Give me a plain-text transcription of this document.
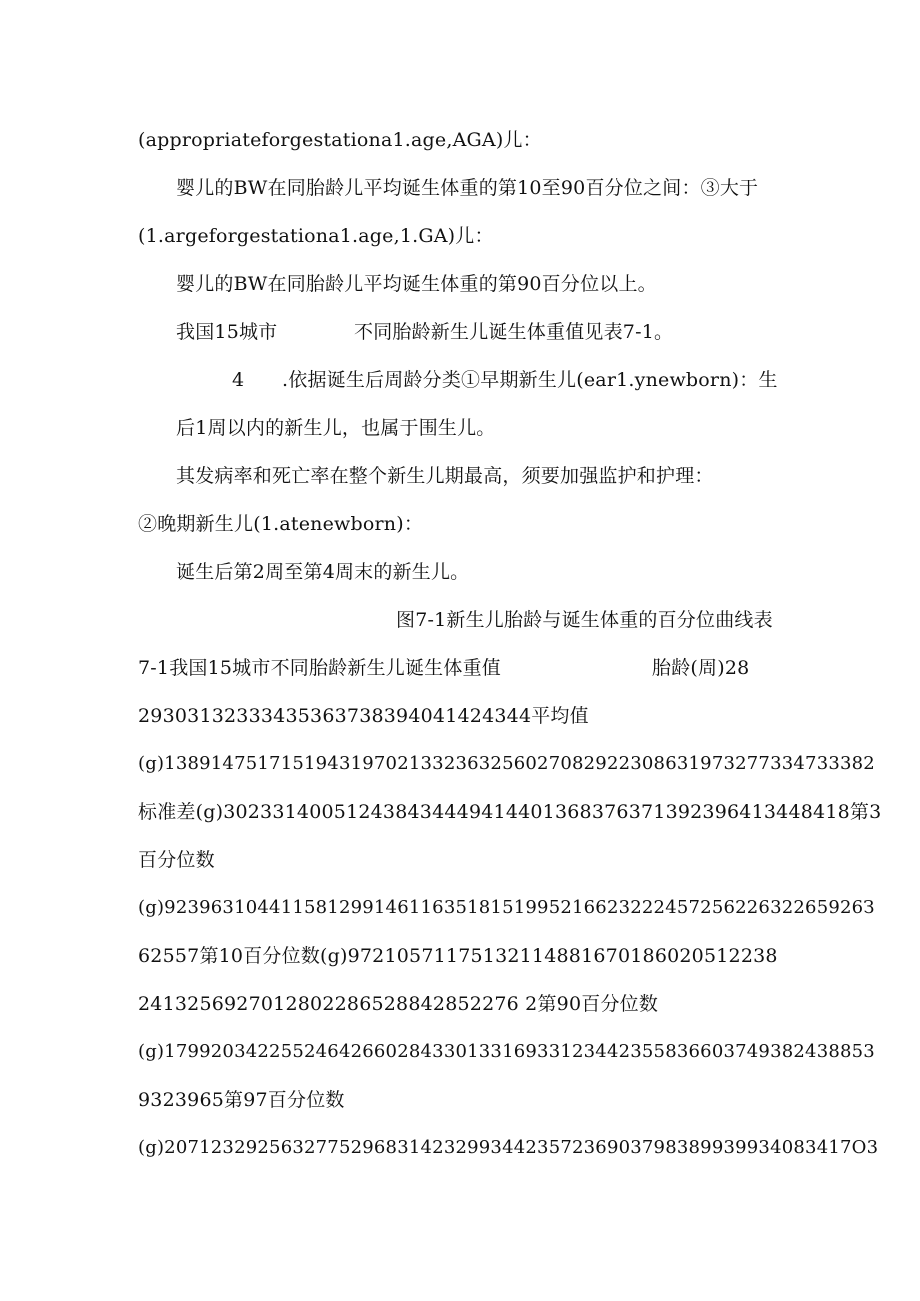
(appropriateforgestationa1.age,AGA)儿：
婴儿的BW在同胎龄儿平均诞生体重的第10至90百分位之间：③大于
(1.argeforgestationa1.age,1.GA)儿：
婴儿的BW在同胎龄儿平均诞生体重的第90百分位以上。
我国15城市	不同胎龄新生儿诞生体重值见表7-1。
4 .依据诞生后周龄分类①早期新生儿(ear1.ynewborn)：生
后1周以内的新生儿，也属于围生儿。
其发病率和死亡率在整个新生儿期最高，须要加强监护和护理：
②晚期新生儿(1.atenewborn)：
诞生后第2周至第4周末的新生儿。
图7-1新生儿胎龄与诞生体重的百分位曲线表
7-1我国15城市不同胎龄新生儿诞生体重值	胎龄(周)28
29303132333435363738394041424344平均值
(g)1389147517151943197021332363256027082922308631973277334733382
标准差(g)302331400512438434449414401368376371392396413448418第3
百分位数
(g)923963104411581299146116351815199521662322245725622632265926З
62557第10百分位数(g)97210571175132114881670186020512238
2413256927012802286528842852276 2第90百分位数
(g)1799203422552464266028433013316933123442355836603749382438853
9323965第97百分位数
(g)20712329256327752968314232993442357236903798389939934083417О3
